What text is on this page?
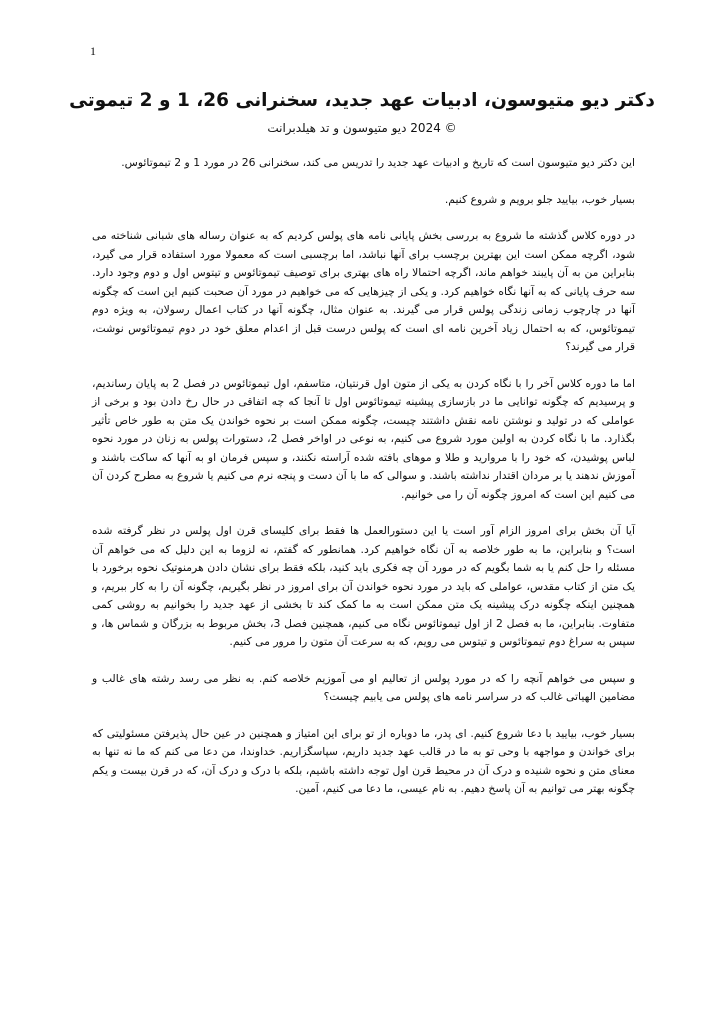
1
دکتر دیو متیوسون، ادبیات عهد جدید، سخنرانی 26، 1 و 2 تیموتی
© 2024 دیو متیوسون و تد هیلدبرانت

این دکتر دیو متیوسون است که تاریخ و ادبیات عهد جدید را تدریس می کند، سخنرانی 26 در مورد 1 و 2 تیموتائوس.

بسیار خوب، بیایید جلو برویم و شروع کنیم.

در دوره کلاس گذشته ما شروع به بررسی بخش پایانی نامه های پولس کردیم که به عنوان رساله های شبانی شناخته می شود، اگرچه ممکن است این بهترین برچسب برای آنها نباشد، اما برچسبی است که معمولا مورد استفاده قرار می گیرد، بنابراین من به آن پایبند خواهم ماند، اگرچه احتمالا راه های بهتری برای توصیف تیموتائوس و تیتوس اول و دوم وجود دارد. سه حرف پایانی که به آنها نگاه خواهیم کرد. و یکی از چیزهایی که می خواهیم در مورد آن صحبت کنیم این است که چگونه آنها در چارچوب زمانی زندگی پولس قرار می گیرند. به عنوان مثال، چگونه آنها در کتاب اعمال رسولان، به ویژه دوم تیموتائوس، که به احتمال زیاد آخرین نامه ای است که پولس درست قبل از اعدام معلق خود در دوم تیموتائوس نوشت، قرار می گیرند؟

اما ما دوره کلاس آخر را با نگاه کردن به یکی از متون اول قرنتیان، متاسفم، اول تیموتائوس در فصل 2 به پایان رساندیم، و پرسیدیم که چگونه توانایی ما در بازسازی پیشینه تیموتائوس اول تا آنجا که چه اتفاقی در حال رخ دادن بود و برخی از عواملی که در تولید و نوشتن نامه نقش داشتند چیست، چگونه ممکن است بر نحوه خواندن یک متن به طور خاص تأثیر بگذارد. ما با نگاه کردن به اولین مورد شروع می کنیم، به نوعی در اواخر فصل 2، دستورات پولس به زنان در مورد نحوه لباس پوشیدن، که خود را با مروارید و طلا و موهای بافته شده آراسته نکنند، و سپس فرمان او به آنها که ساکت باشند و آموزش ندهند یا بر مردان اقتدار نداشته باشند. و سوالی که ما با آن دست و پنجه نرم می کنیم یا شروع به مطرح کردن آن می کنیم این است که امروز چگونه آن را می خوانیم.

آیا آن بخش برای امروز الزام آور است یا این دستورالعمل ها فقط برای کلیسای قرن اول پولس در نظر گرفته شده است؟ و بنابراین، ما به طور خلاصه به آن نگاه خواهیم کرد. همانطور که گفتم، نه لزوما به این دلیل که می خواهم آن مسئله را حل کنم یا به شما بگویم که در مورد آن چه فکری باید کنید، بلکه فقط برای نشان دادن هرمنوتیک نحوه برخورد با یک متن از کتاب مقدس، عواملی که باید در مورد نحوه خواندن آن برای امروز در نظر بگیریم، چگونه آن را به کار ببریم، و همچنین اینکه چگونه درک پیشینه یک متن ممکن است به ما کمک کند تا بخشی از عهد جدید را بخوانیم به روشی کمی متفاوت. بنابراین، ما به فصل 2 از اول تیموتائوس نگاه می کنیم، همچنین فصل 3، بخش مربوط به بزرگان و شماس ها، و سپس به سراغ دوم تیموتائوس و تیتوس می رویم، که به سرعت آن متون را مرور می کنیم.

و سپس می خواهم آنچه را که در مورد پولس از تعالیم او می آموزیم خلاصه کنم. به نظر می رسد رشته های غالب و مضامین الهیاتی غالب که در سراسر نامه های پولس می یابیم چیست؟

بسیار خوب، بیایید با دعا شروع کنیم. ای پدر، ما دوباره از تو برای این امتیاز و همچنین در عین حال پذیرفتن مسئولیتی که برای خواندن و مواجهه با وحی تو به ما در قالب عهد جدید داریم، سپاسگزاریم. خداوندا، من دعا می کنم که ما نه تنها به معنای متن و نحوه شنیده و درک آن در محیط قرن اول توجه داشته باشیم، بلکه با درک و درک آن، که در قرن بیست و یکم چگونه بهتر می توانیم به آن پاسخ دهیم. به نام عیسی، ما دعا می کنیم، آمین.
